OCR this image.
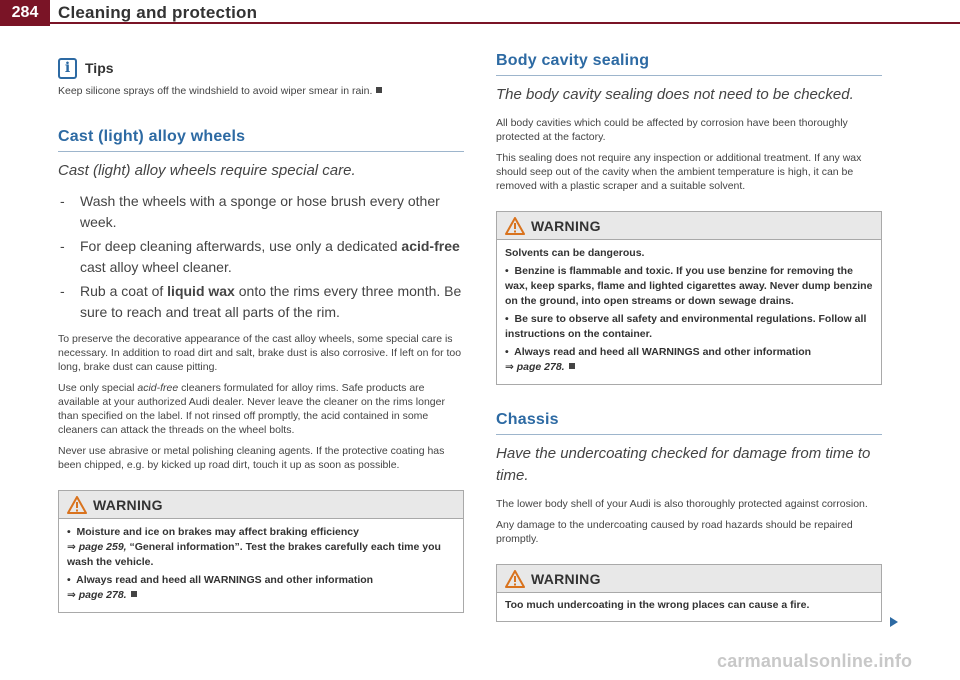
284	Cleaning and protection
i	Tips

Keep silicone sprays off the windshield to avoid wiper smear in rain.

Cast (light) alloy wheels

Cast (light) alloy wheels require special care.

- Wash the wheels with a sponge or hose brush every other week.
- For deep cleaning afterwards, use only a dedicated acid-free cast alloy wheel cleaner.
- Rub a coat of liquid wax onto the rims every three month. Be sure to reach and treat all parts of the rim.

To preserve the decorative appearance of the cast alloy wheels, some special care is necessary. In addition to road dirt and salt, brake dust is also corrosive. If left on for too long, brake dust can cause pitting.

Use only special acid-free cleaners formulated for alloy rims. Safe products are available at your authorized Audi dealer. Never leave the cleaner on the rims longer than specified on the label. If not rinsed off promptly, the acid contained in some cleaners can attack the threads on the wheel bolts.

Never use abrasive or metal polishing cleaning agents. If the protective coating has been chipped, e.g. by kicked up road dirt, touch it up as soon as possible.

WARNING

•  Moisture and ice on brakes may affect braking efficiency
⇒ page 259, “General information”. Test the brakes carefully each time you wash the vehicle.

•  Always read and heed all WARNINGS and other information
⇒ page 278.

Body cavity sealing

The body cavity sealing does not need to be checked.

All body cavities which could be affected by corrosion have been thoroughly protected at the factory.

This sealing does not require any inspection or additional treatment. If any wax should seep out of the cavity when the ambient temperature is high, it can be removed with a plastic scraper and a suitable solvent.

WARNING

Solvents can be dangerous.

•  Benzine is flammable and toxic. If you use benzine for removing the wax, keep sparks, flame and lighted cigarettes away. Never dump benzine on the ground, into open streams or down sewage drains.

•  Be sure to observe all safety and environmental regulations. Follow all instructions on the container.

•  Always read and heed all WARNINGS and other information
⇒ page 278.

Chassis

Have the undercoating checked for damage from time to time.

The lower body shell of your Audi is also thoroughly protected against corrosion.

Any damage to the undercoating caused by road hazards should be repaired promptly.

WARNING

Too much undercoating in the wrong places can cause a fire.

carmanualsonline.info
